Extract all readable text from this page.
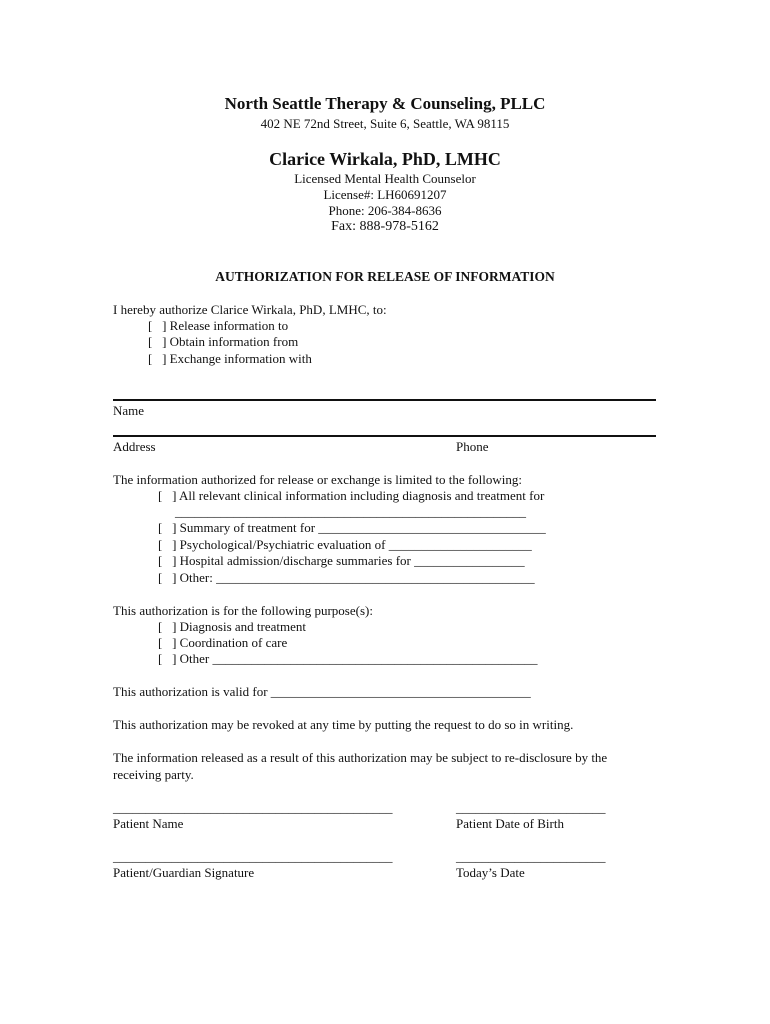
North Seattle Therapy & Counseling, PLLC
402 NE 72nd Street, Suite 6, Seattle, WA 98115
Clarice Wirkala, PhD, LMHC
Licensed Mental Health Counselor
License#: LH60691207
Phone: 206-384-8636
Fax: 888-978-5162
AUTHORIZATION FOR RELEASE OF INFORMATION
I hereby authorize Clarice Wirkala, PhD, LMHC, to:
[   ] Release information to
[   ] Obtain information from
[   ] Exchange information with
Name
Address	Phone
The information authorized for release or exchange is limited to the following:
[   ] All relevant clinical information including diagnosis and treatment for
______________________________________________________
[   ] Summary of treatment for ___________________________________
[   ] Psychological/Psychiatric evaluation of ______________________
[   ] Hospital admission/discharge summaries for _________________
[   ] Other: _________________________________________________
This authorization is for the following purpose(s):
[   ] Diagnosis and treatment
[   ] Coordination of care
[   ] Other __________________________________________________
This authorization is valid for ________________________________________
This authorization may be revoked at any time by putting the request to do so in writing.
The information released as a result of this authorization may be subject to re-disclosure by the
receiving party.
___________________________________________	_______________________
Patient Name	Patient Date of Birth
___________________________________________	_______________________
Patient/Guardian Signature	Today’s Date
